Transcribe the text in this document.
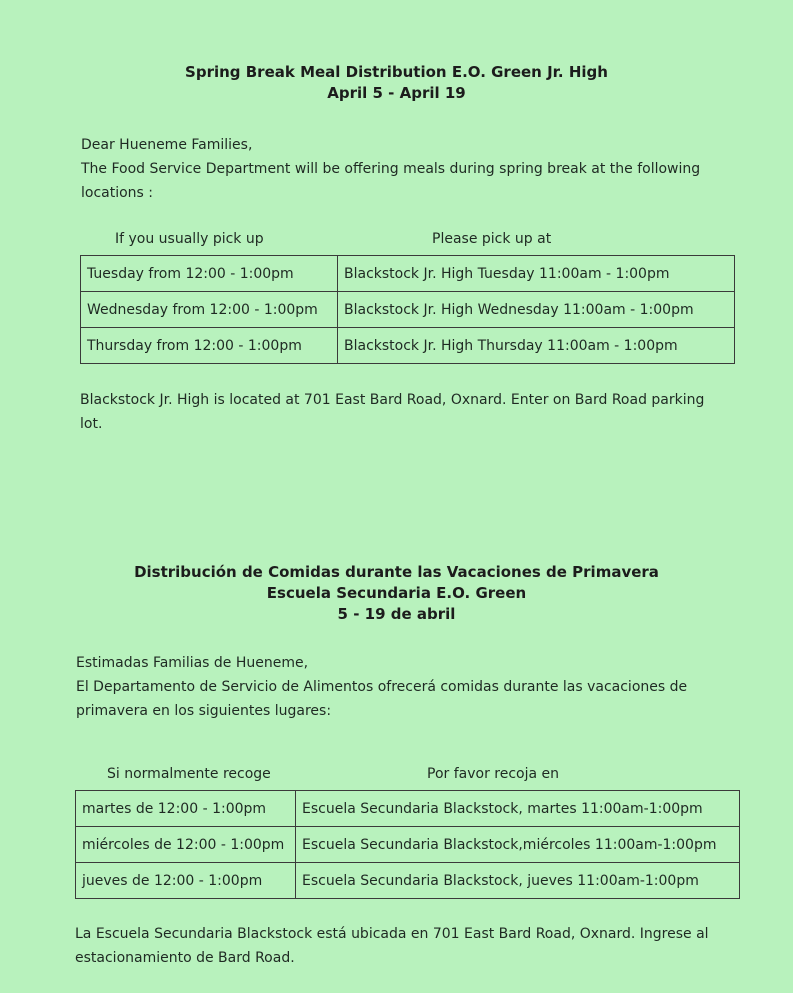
Spring Break Meal Distribution E.O. Green Jr. High
April 5 - April 19
Dear Hueneme Families,
The Food Service Department will be offering meals during spring break at the following locations :
If you usually pick up	Please pick up at
Tuesday from 12:00 - 1:00pm	Blackstock Jr. High Tuesday 11:00am - 1:00pm
Wednesday from 12:00 - 1:00pm	Blackstock Jr. High Wednesday 11:00am - 1:00pm
Thursday from 12:00 - 1:00pm	Blackstock Jr. High Thursday 11:00am - 1:00pm
Blackstock Jr. High is located at 701 East Bard Road, Oxnard. Enter on Bard Road parking lot.
Distribución de Comidas durante las Vacaciones de Primavera
Escuela Secundaria E.O. Green
5 - 19 de abril
Estimadas Familias de Hueneme,
El Departamento de Servicio de Alimentos ofrecerá comidas durante las vacaciones de primavera en los siguientes lugares:
Si normalmente recoge	Por favor recoja en
martes de 12:00 - 1:00pm	Escuela Secundaria Blackstock, martes 11:00am-1:00pm
miércoles de 12:00 - 1:00pm	Escuela Secundaria Blackstock,miércoles 11:00am-1:00pm
jueves de 12:00 - 1:00pm	Escuela Secundaria Blackstock, jueves 11:00am-1:00pm
La Escuela Secundaria Blackstock está ubicada en 701 East Bard Road, Oxnard. Ingrese al estacionamiento de Bard Road.
